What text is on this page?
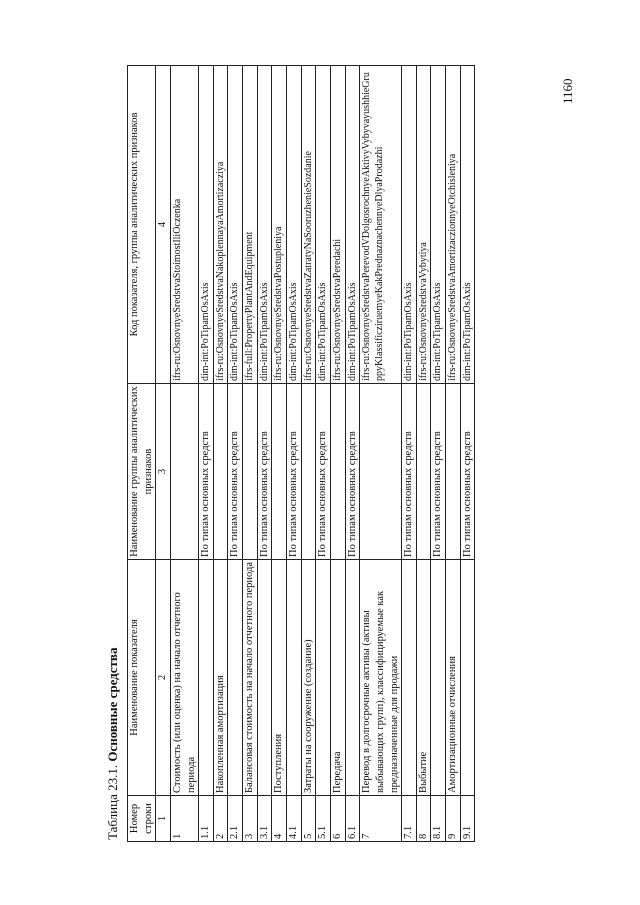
1160
Таблица 23.1. Основные средства
Номер строки	Наименование показателя	Наименование группы аналитических признаков	Код показателя, группы аналитических признаков
1	2	3	4
1	Стоимость (или оценка) на начало отчетного периода		ifrs-ru:OsnovnyeSredstvaStoimostIliOczenka
1.1		По типам основных средств	dim-int:PoTipamOsAxis
2	Накопленная амортизация		ifrs-ru:OsnovnyeSredstvaNakoplennayaAmortizacziya
2.1		По типам основных средств	dim-int:PoTipamOsAxis
3	Балансовая стоимость на начало отчетного периода		ifrs-full:PropertyPlantAndEquipment
3.1		По типам основных средств	dim-int:PoTipamOsAxis
4	Поступления		ifrs-ru:OsnovnyeSredstvaPostupleniya
4.1		По типам основных средств	dim-int:PoTipamOsAxis
5	Затраты на сооружение (создание)		ifrs-ru:OsnovnyeSredstvaZatratyNaSooruzhenieSozdanie
5.1		По типам основных средств	dim-int:PoTipamOsAxis
6	Передача		ifrs-ru:OsnovnyeSredstvaPeredachi
6.1		По типам основных средств	dim-int:PoTipamOsAxis
7	Перевод в долгосрочные активы (активы выбывающих групп), классифицируемые как предназначенные для продажи		ifrs-ru:OsnovnyeSredstvaPerevodVDolgosrochnyeAktivyVybyvayushhieGruppyKlassificziruemyeKakPrednaznachennyeDlyaProdazhi
7.1		По типам основных средств	dim-int:PoTipamOsAxis
8	Выбытие		ifrs-ru:OsnovnyeSredstvaVybytiya
8.1		По типам основных средств	dim-int:PoTipamOsAxis
9	Амортизационные отчисления		ifrs-ru:OsnovnyeSredstvaAmortizaczionnyeOtchisleniya
9.1		По типам основных средств	dim-int:PoTipamOsAxis
